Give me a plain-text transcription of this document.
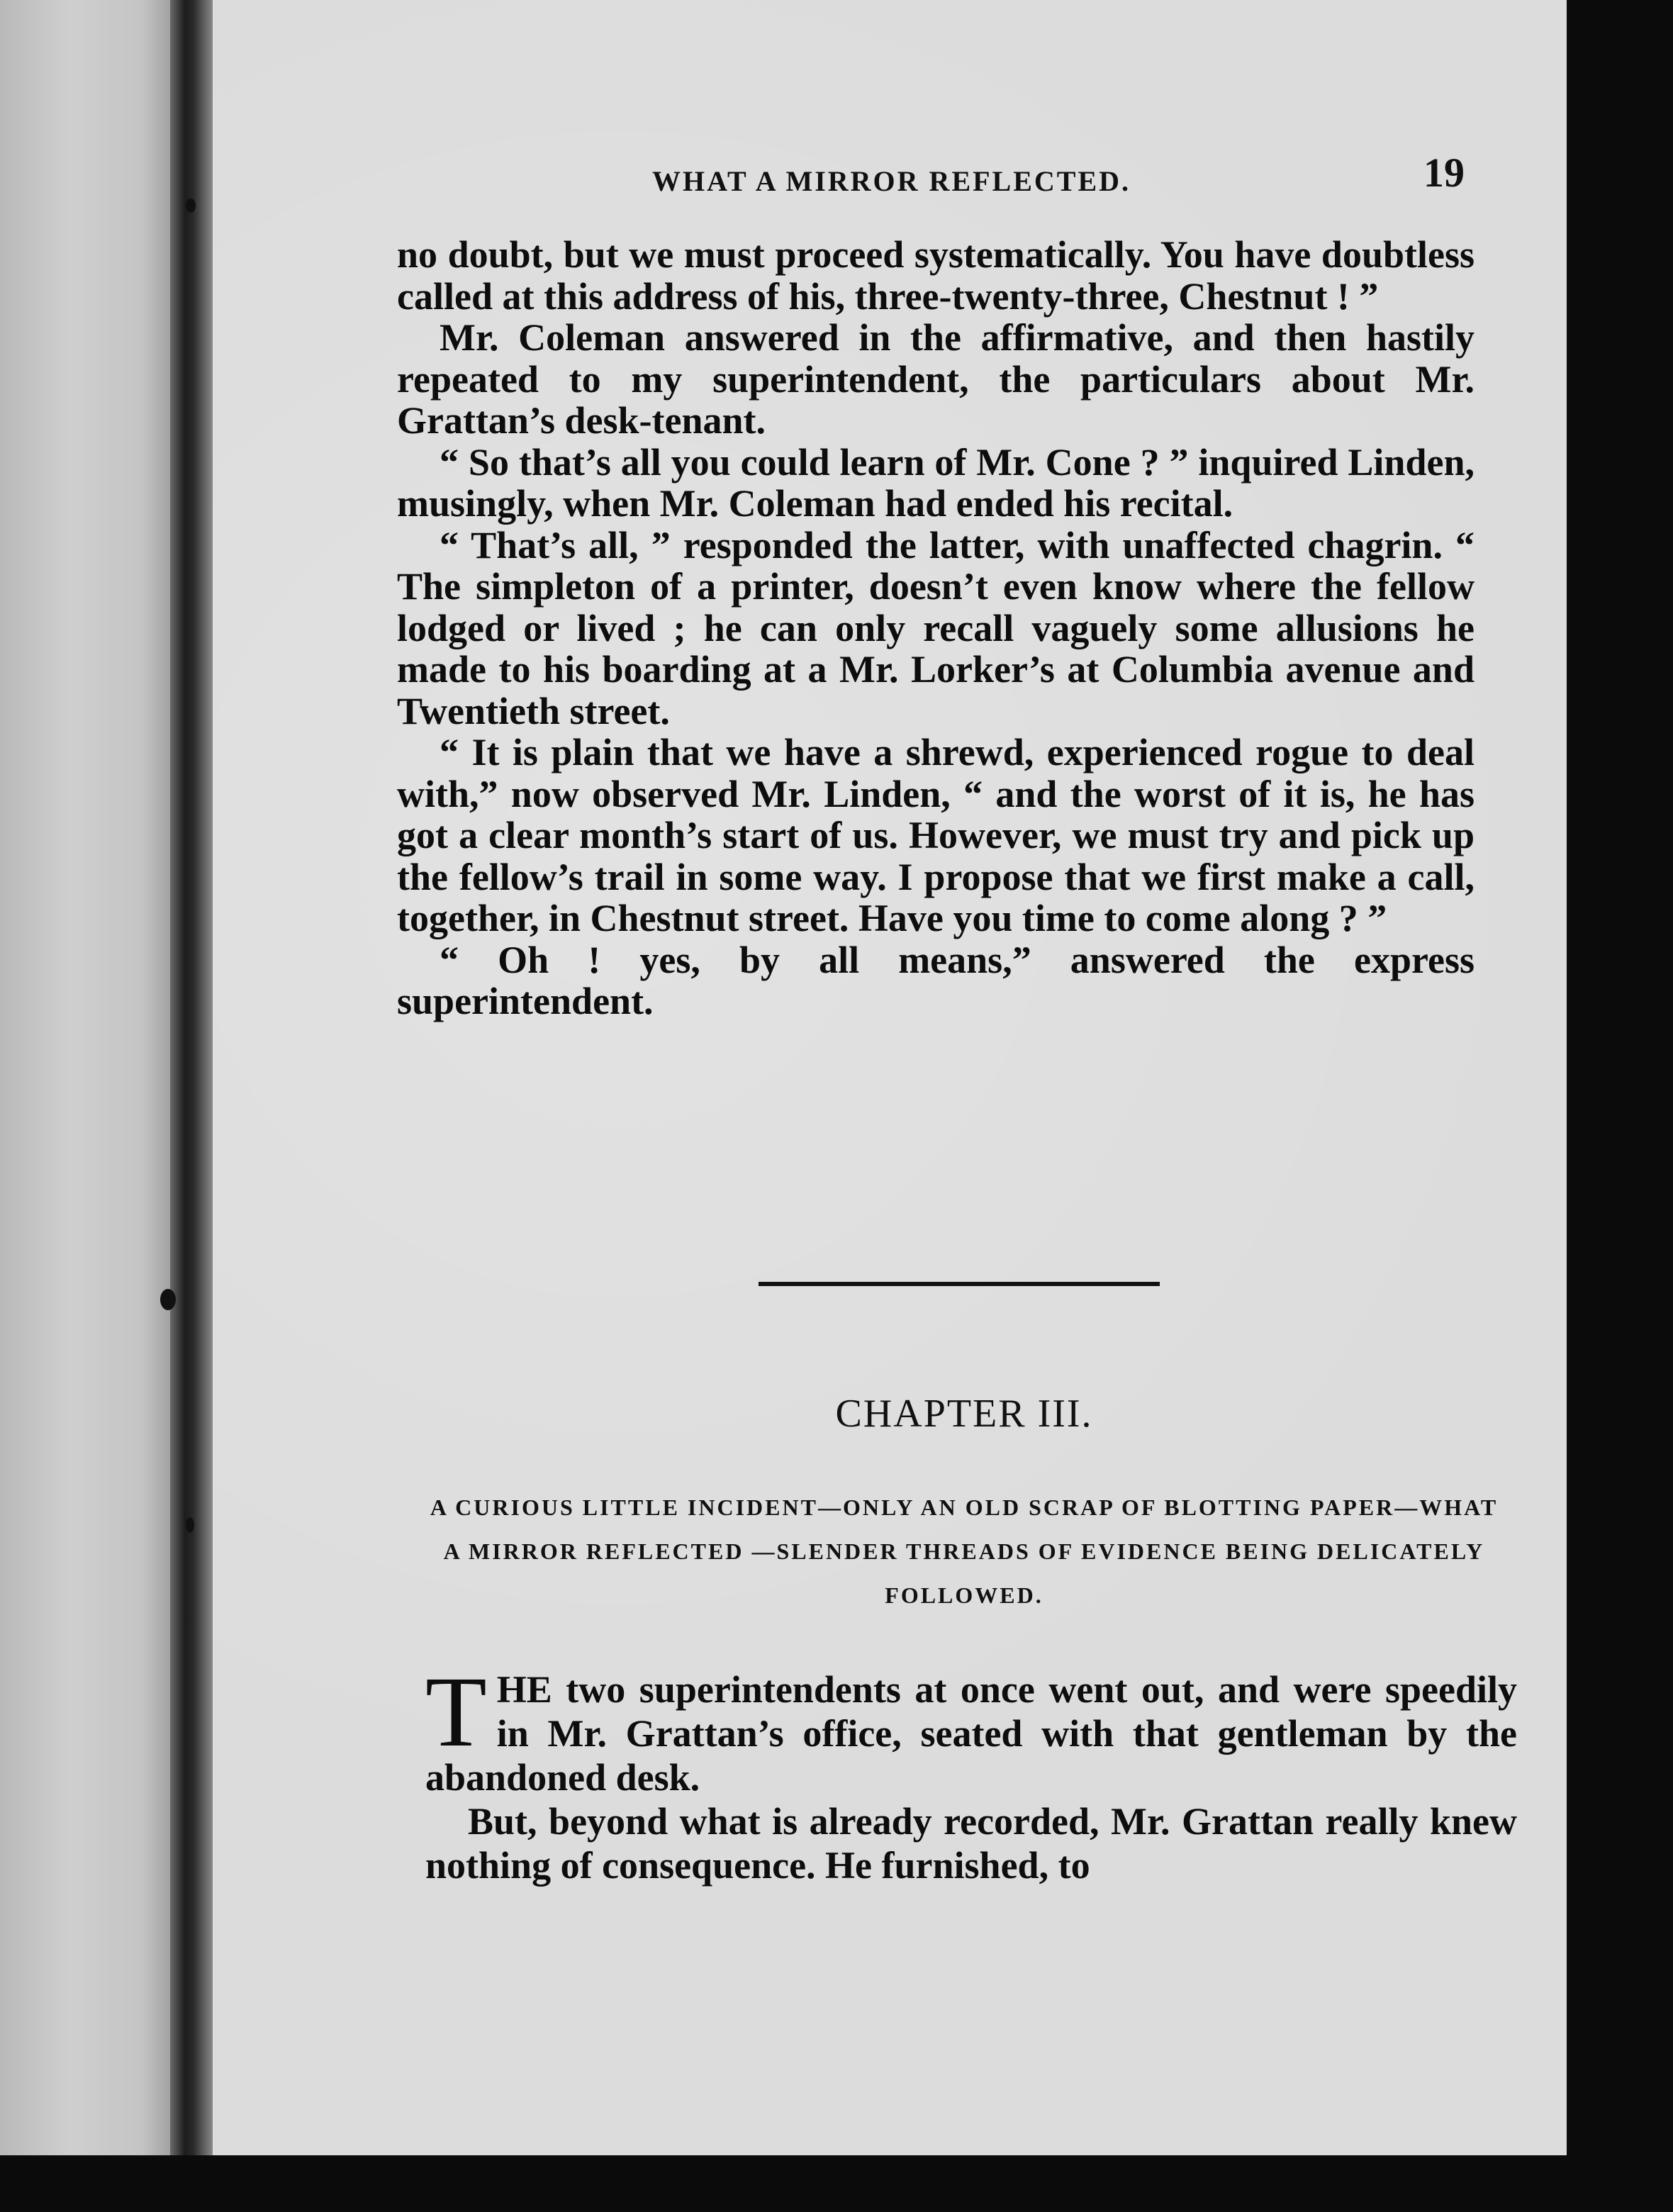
WHAT A MIRROR REFLECTED.	19

no doubt, but we must proceed systematically. You have doubtless called at this address of his, three-twenty-three, Chestnut ! ”

Mr. Coleman answered in the affirmative, and then hastily repeated to my superintendent, the particulars about Mr. Grattan’s desk-tenant.

“ So that’s all you could learn of Mr. Cone ? ” inquired Linden, musingly, when Mr. Coleman had ended his recital.

“ That’s all, ” responded the latter, with unaffected chagrin. “ The simpleton of a printer, doesn’t even know where the fellow lodged or lived ; he can only recall vaguely some allusions he made to his boarding at a Mr. Lorker’s at Columbia avenue and Twentieth street.

“ It is plain that we have a shrewd, experienced rogue to deal with,” now observed Mr. Linden, “ and the worst of it is, he has got a clear month’s start of us. However, we must try and pick up the fellow’s trail in some way. I propose that we first make a call, together, in Chestnut street. Have you time to come along ? ”

“ Oh ! yes, by all means,” answered the express superintendent.

CHAPTER III.
A CURIOUS LITTLE INCIDENT—ONLY AN OLD SCRAP OF BLOTTING PAPER—WHAT A MIRROR REFLECTED —SLENDER THREADS OF EVIDENCE BEING DELICATELY FOLLOWED.

THE two superintendents at once went out, and were speedily in Mr. Grattan’s office, seated with that gentleman by the abandoned desk.

But, beyond what is already recorded, Mr. Grattan really knew nothing of consequence. He furnished, to
